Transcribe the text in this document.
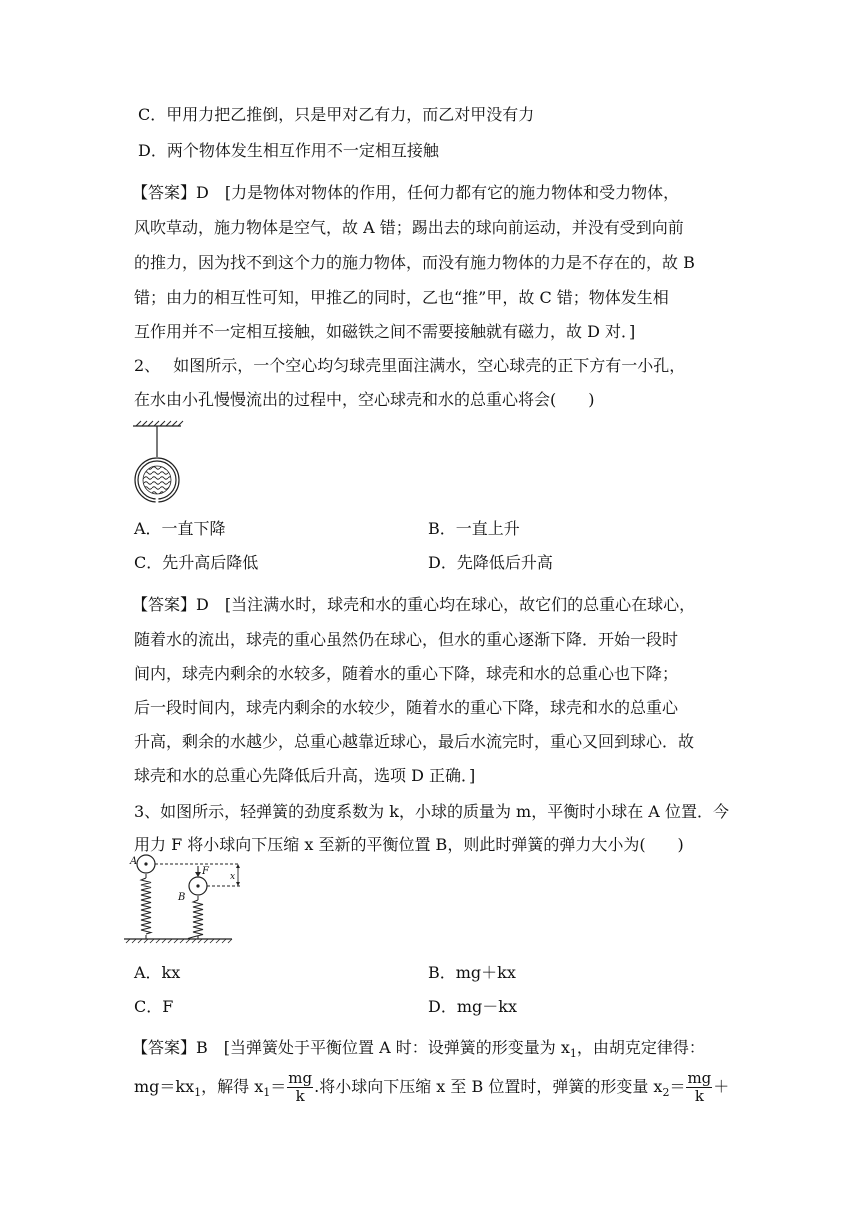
C．甲用力把乙推倒，只是甲对乙有力，而乙对甲没有力
D．两个物体发生相互作用不一定相互接触
【答案】D　[力是物体对物体的作用，任何力都有它的施力物体和受力物体，
风吹草动，施力物体是空气，故 A 错；踢出去的球向前运动，并没有受到向前
的推力，因为找不到这个力的施力物体，而没有施力物体的力是不存在的，故 B
错；由力的相互性可知，甲推乙的同时，乙也“推”甲，故 C 错；物体发生相
互作用并不一定相互接触，如磁铁之间不需要接触就有磁力，故 D 对．]
2、　 如图所示，一个空心均匀球壳里面注满水，空心球壳的正下方有一小孔，
在水由小孔慢慢流出的过程中，空心球壳和水的总重心将会(　　)
A．一直下降	B．一直上升
C．先升高后降低	D．先降低后升高
【答案】D　[当注满水时，球壳和水的重心均在球心，故它们的总重心在球心，
随着水的流出，球壳的重心虽然仍在球心，但水的重心逐渐下降．开始一段时
间内，球壳内剩余的水较多，随着水的重心下降，球壳和水的总重心也下降；
后一段时间内，球壳内剩余的水较少，随着水的重心下降，球壳和水的总重心
升高，剩余的水越少，总重心越靠近球心，最后水流完时，重心又回到球心．故
球壳和水的总重心先降低后升高，选项 D 正确．]
3、如图所示，轻弹簧的劲度系数为 k，小球的质量为 m，平衡时小球在 A 位置．今
用力 F 将小球向下压缩 x 至新的平衡位置 B，则此时弹簧的弹力大小为(　　)
A
B
F x
A．kx	B．mg＋kx
C．F	D．mg－kx
【答案】B　[当弹簧处于平衡位置 A 时：设弹簧的形变量为 $x_1$，由胡克定律得：
$mg=kx_1$，解得 $x_1= \frac{mg}{k}$ .将小球向下压缩 x 至 B 位置时，弹簧的形变量 $x_2= \frac{mg}{k}$ ＋
